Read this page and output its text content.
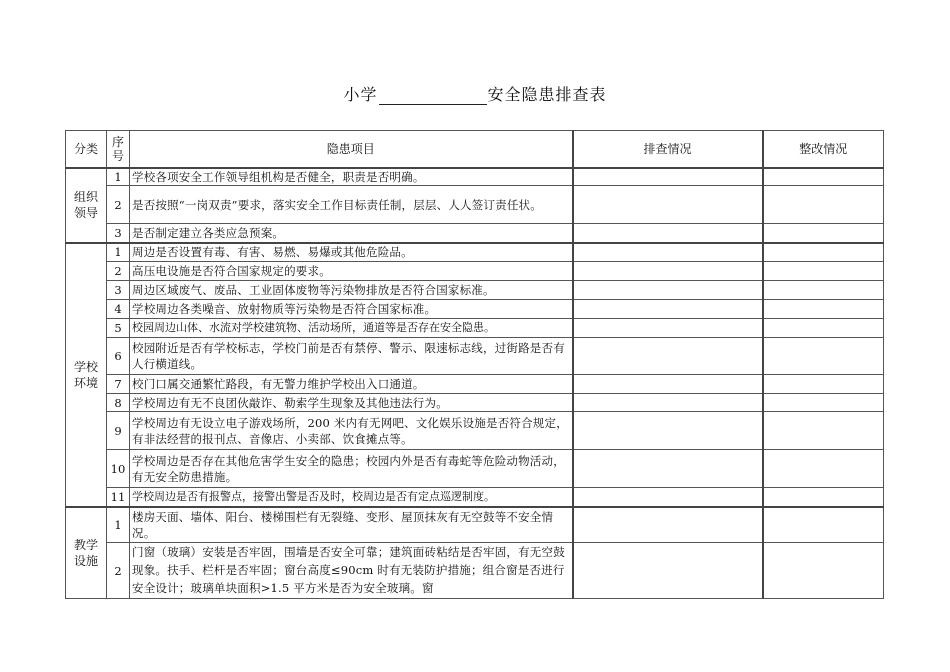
小学	安全隐患排查表
分类	序号	隐患项目	排查情况	整改情况
组织领导	1	学校各项安全工作领导组机构是否健全，职责是否明确。		
	2	是否按照“一岗双责”要求，落实安全工作目标责任制，层层、人人签订责任状。		
	3	是否制定建立各类应急预案。		
学校环境	1	周边是否设置有毒、有害、易燃、易爆或其他危险品。		
	2	高压电设施是否符合国家规定的要求。		
	3	周边区域废气、废品、工业固体废物等污染物排放是否符合国家标准。		
	4	学校周边各类噪音、放射物质等污染物是否符合国家标准。		
	5	校园周边山体、水流对学校建筑物、活动场所，通道等是否存在安全隐患。		
	6	校园附近是否有学校标志，学校门前是否有禁停、警示、限速标志线，过街路是否有人行横道线。		
	7	校门口属交通繁忙路段，有无警力维护学校出入口通道。		
	8	学校周边有无不良团伙敲诈、勒索学生现象及其他违法行为。		
	9	学校周边有无设立电子游戏场所，200 米内有无网吧、文化娱乐设施是否符合规定，有非法经营的报刊点、音像店、小卖部、饮食摊点等。		
	10	学校周边是否存在其他危害学生安全的隐患；校园内外是否有毒蛇等危险动物活动，有无安全防患措施。		
	11	学校周边是否有报警点，接警出警是否及时，校周边是否有定点巡逻制度。		
教学设施	1	楼房天面、墙体、阳台、楼梯围栏有无裂缝、变形、屋顶抹灰有无空鼓等不安全情况。		
	2	门窗（玻璃）安装是否牢固，围墙是否安全可靠；建筑面砖粘结是否牢固，有无空鼓现象。扶手、栏杆是否牢固；窗台高度≤90cm 时有无装防护措施；组合窗是否进行安全设计；玻璃单块面积>1.5 平方米是否为安全玻璃。窗		
